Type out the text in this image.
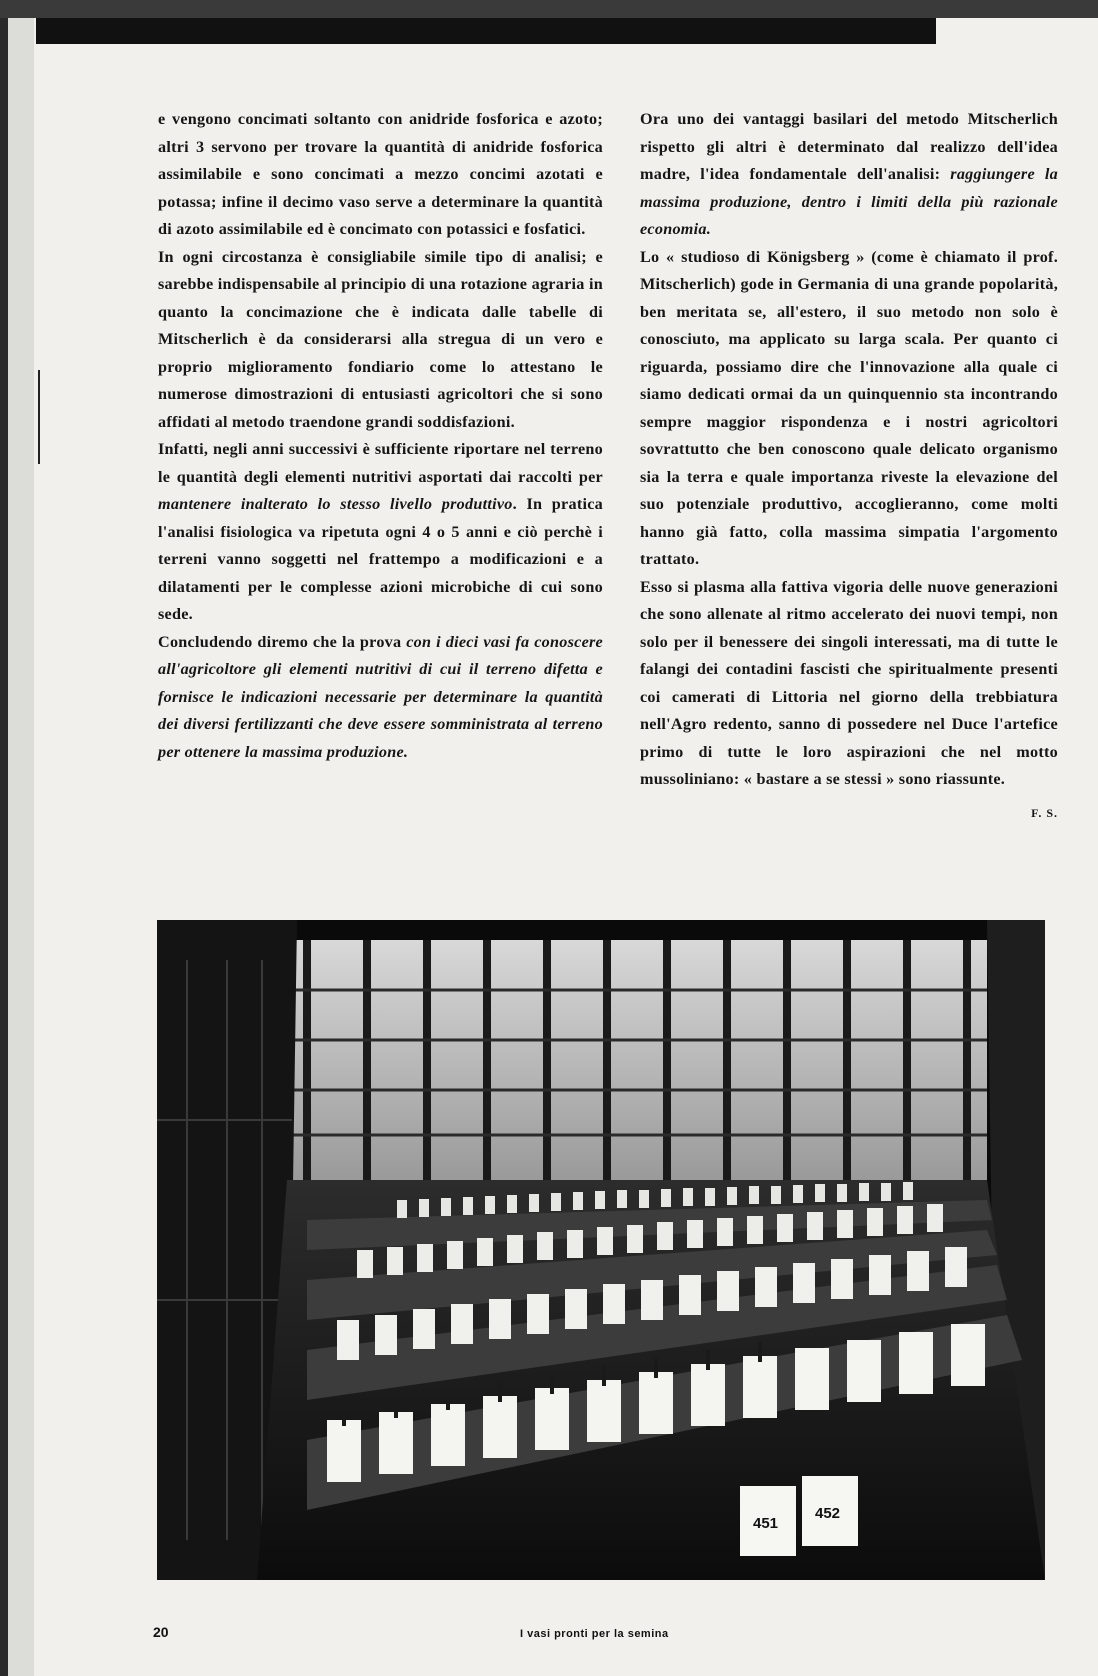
e vengono concimati soltanto con anidride fosforica e azoto; altri 3 servono per trovare la quantità di anidride fosforica assimilabile e sono concimati a mezzo concimi azotati e potassa; infine il decimo vaso serve a determinare la quantità di azoto assimilabile ed è concimato con potassici e fosfatici.

In ogni circostanza è consigliabile simile tipo di analisi; e sarebbe indispensabile al principio di una rotazione agraria in quanto la concimazione che è indicata dalle tabelle di Mitscherlich è da considerarsi alla stregua di un vero e proprio miglioramento fondiario come lo attestano le numerose dimostrazioni di entusiasti agricoltori che si sono affidati al metodo traendone grandi soddisfazioni.

Infatti, negli anni successivi è sufficiente riportare nel terreno le quantità degli elementi nutritivi asportati dai raccolti per mantenere inalterato lo stesso livello produttivo. In pratica l'analisi fisiologica va ripetuta ogni 4 o 5 anni e ciò perchè i terreni vanno soggetti nel frattempo a modificazioni e a dilatamenti per le complesse azioni microbiche di cui sono sede.

Concludendo diremo che la prova con i dieci vasi fa conoscere all'agricoltore gli elementi nutritivi di cui il terreno difetta e fornisce le indicazioni necessarie per determinare la quantità dei diversi fertilizzanti che deve essere somministrata al terreno per ottenere la massima produzione.

Ora uno dei vantaggi basilari del metodo Mitscherlich rispetto gli altri è determinato dal realizzo dell'idea madre, l'idea fondamentale dell'analisi: raggiungere la massima produzione, dentro i limiti della più razionale economia.

Lo « studioso di Königsberg » (come è chiamato il prof. Mitscherlich) gode in Germania di una grande popolarità, ben meritata se, all'estero, il suo metodo non solo è conosciuto, ma applicato su larga scala. Per quanto ci riguarda, possiamo dire che l'innovazione alla quale ci siamo dedicati ormai da un quinquennio sta incontrando sempre maggior rispondenza e i nostri agricoltori sovrattutto che ben conoscono quale delicato organismo sia la terra e quale importanza riveste la elevazione del suo potenziale produttivo, accoglieranno, come molti hanno già fatto, colla massima simpatia l'argomento trattato.

Esso si plasma alla fattiva vigoria delle nuove generazioni che sono allenate al ritmo accelerato dei nuovi tempi, non solo per il benessere dei singoli interessati, ma di tutte le falangi dei contadini fascisti che spiritualmente presenti coi camerati di Littoria nel giorno della trebbiatura nell'Agro redento, sanno di possedere nel Duce l'artefice primo di tutte le loro aspirazioni che nel motto mussoliniano: « bastare a se stessi » sono riassunte.

F. S.
451
452
20	I vasi pronti per la semina
